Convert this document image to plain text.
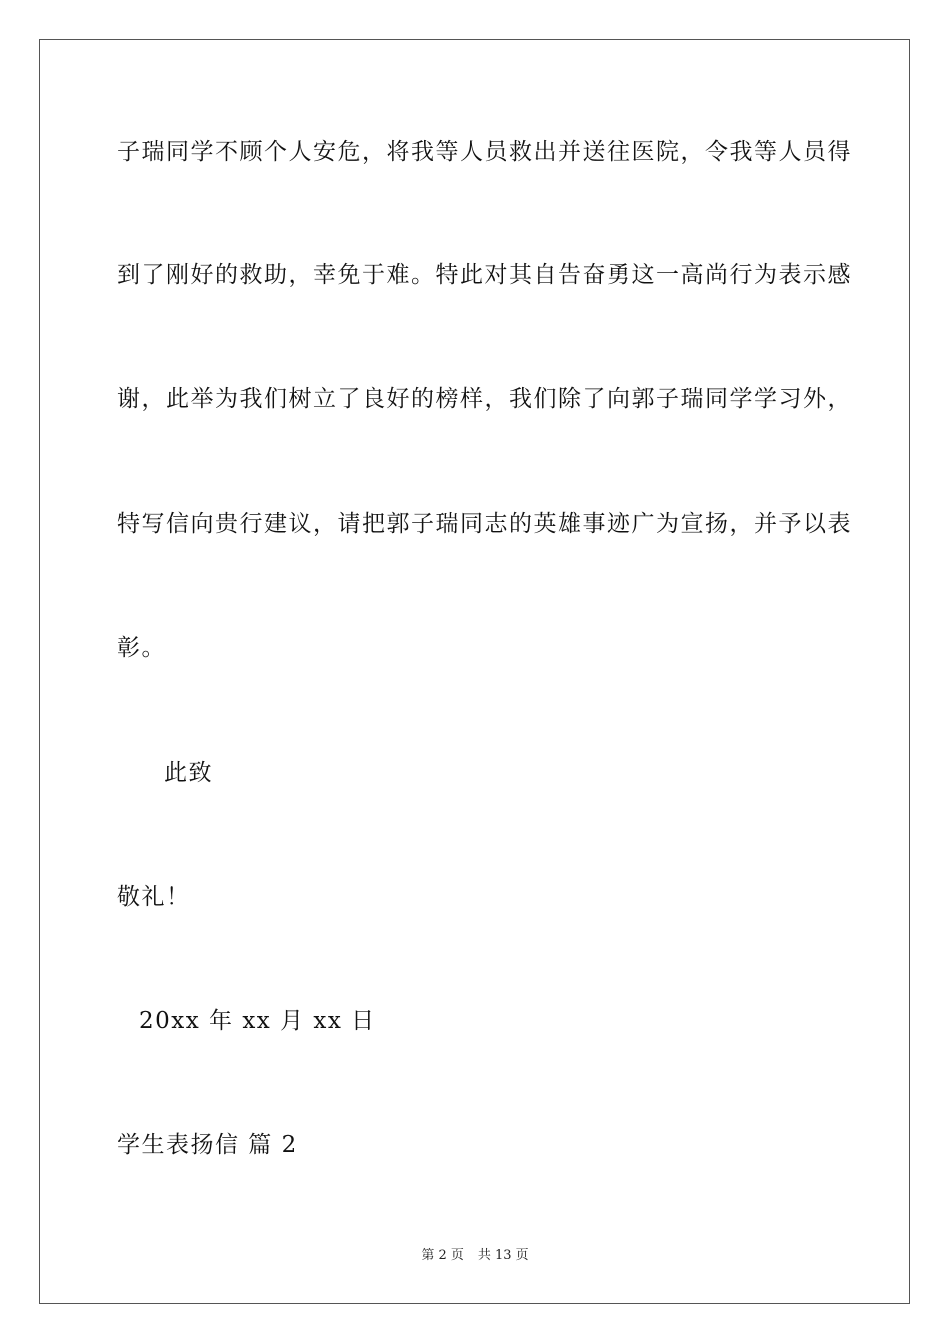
子瑞同学不顾个人安危，将我等人员救出并送往医院，令我等人员得
到了刚好的救助，幸免于难。特此对其自告奋勇这一高尚行为表示感
谢，此举为我们树立了良好的榜样，我们除了向郭子瑞同学学习外，
特写信向贵行建议，请把郭子瑞同志的英雄事迹广为宣扬，并予以表
彰。
此致
敬礼！
20xx 年 xx 月 xx 日
学生表扬信 篇 2
第 2 页 共 13 页
